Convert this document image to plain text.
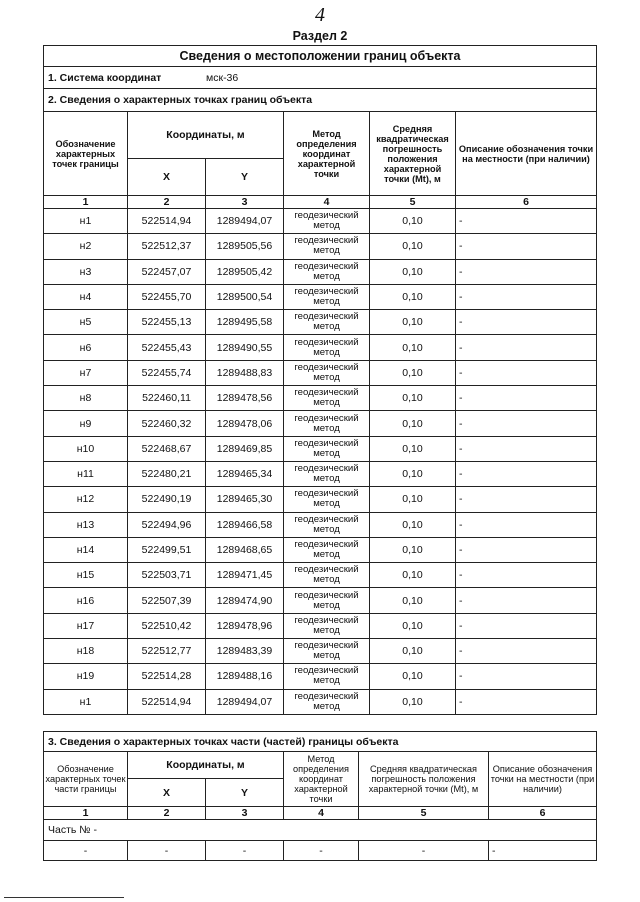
4
Раздел 2
Сведения о местоположении границ объекта					
1. Система координат мск-36					
2. Сведения о характерных точках границ объекта					
Обозначение характерных точек границы	Координаты, м		Метод определения координат характерной точки	Средняя квадратическая погрешность положения характерной точки (Mt), м	Описание обозначения точки на местности (при наличии)
	X	Y			
1	2	3	4	5	6
н1	522514,94	1289494,07	геодезический метод	0,10	-
н2	522512,37	1289505,56	геодезический метод	0,10	-
н3	522457,07	1289505,42	геодезический метод	0,10	-
н4	522455,70	1289500,54	геодезический метод	0,10	-
н5	522455,13	1289495,58	геодезический метод	0,10	-
н6	522455,43	1289490,55	геодезический метод	0,10	-
н7	522455,74	1289488,83	геодезический метод	0,10	-
н8	522460,11	1289478,56	геодезический метод	0,10	-
н9	522460,32	1289478,06	геодезический метод	0,10	-
н10	522468,67	1289469,85	геодезический метод	0,10	-
н11	522480,21	1289465,34	геодезический метод	0,10	-
н12	522490,19	1289465,30	геодезический метод	0,10	-
н13	522494,96	1289466,58	геодезический метод	0,10	-
н14	522499,51	1289468,65	геодезический метод	0,10	-
н15	522503,71	1289471,45	геодезический метод	0,10	-
н16	522507,39	1289474,90	геодезический метод	0,10	-
н17	522510,42	1289478,96	геодезический метод	0,10	-
н18	522512,77	1289483,39	геодезический метод	0,10	-
н19	522514,28	1289488,16	геодезический метод	0,10	-
н1	522514,94	1289494,07	геодезический метод	0,10	-
3. Сведения о характерных точках части (частей) границы объекта					
Обозначение характерных точек части границы	Координаты, м		Метод определения координат характерной точки	Средняя квадратическая погрешность положения характерной точки (Mt), м	Описание обозначения точки на местности (при наличии)
	X	Y			
1	2	3	4	5	6
Часть № -					
-	-	-	-	-	-
